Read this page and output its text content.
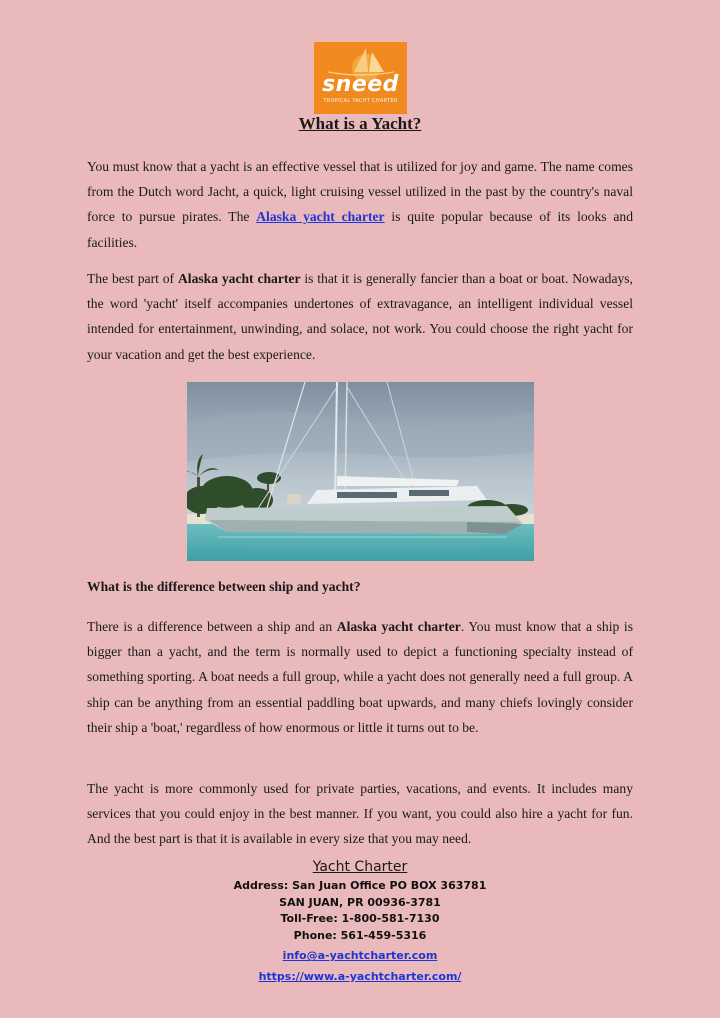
sneed
TROPICAL YACHT CHARTER
What is a Yacht?
You must know that a yacht is an effective vessel that is utilized for joy and game. The name comes from the Dutch word Jacht, a quick, light cruising vessel utilized in the past by the country's naval force to pursue pirates. The Alaska yacht charter is quite popular because of its looks and facilities.
The best part of Alaska yacht charter is that it is generally fancier than a boat or boat. Nowadays, the word 'yacht' itself accompanies undertones of extravagance, an intelligent individual vessel intended for entertainment, unwinding, and solace, not work. You could choose the right yacht for your vacation and get the best experience.
What is the difference between ship and yacht?
There is a difference between a ship and an Alaska yacht charter. You must know that a ship is bigger than a yacht, and the term is normally used to depict a functioning specialty instead of something sporting. A boat needs a full group, while a yacht does not generally need a full group. A ship can be anything from an essential paddling boat upwards, and many chiefs lovingly consider their ship a 'boat,' regardless of how enormous or little it turns out to be.
The yacht is more commonly used for private parties, vacations, and events. It includes many services that you could enjoy in the best manner. If you want, you could also hire a yacht for fun. And the best part is that it is available in every size that you may need.
Yacht Charter
Address: San Juan Office PO BOX 363781
SAN JUAN, PR 00936-3781
Toll-Free: 1-800-581-7130
Phone: 561-459-5316
info@a-yachtcharter.com
https://www.a-yachtcharter.com/
